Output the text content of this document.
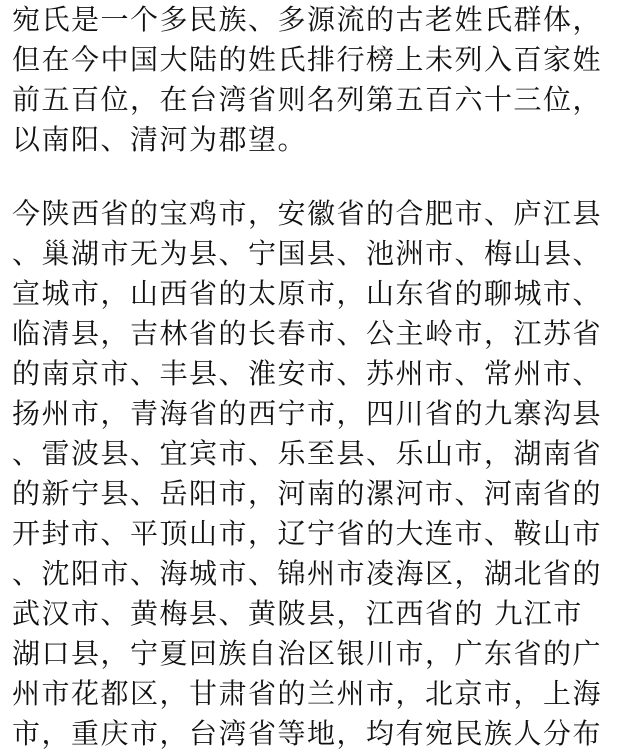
宛氏是一个多民族、多源流的古老姓氏群体，
但在今中国大陆的姓氏排行榜上未列入百家姓
前五百位，在台湾省则名列第五百六十三位，
以南阳、清河为郡望。
今陕西省的宝鸡市，安徽省的合肥市、庐江县
、巢湖市无为县、宁国县、池洲市、梅山县、
宣城市，山西省的太原市，山东省的聊城市、
临清县，吉林省的长春市、公主岭市，江苏省
的南京市、丰县、淮安市、苏州市、常州市、
扬州市，青海省的西宁市，四川省的九寨沟县
、雷波县、宜宾市、乐至县、乐山市，湖南省
的新宁县、岳阳市，河南的漯河市、河南省的
开封市、平顶山市，辽宁省的大连市、鞍山市
、沈阳市、海城市、锦州市凌海区，湖北省的
武汉市、黄梅县、黄陂县，江西省的 九江市
湖口县，宁夏回族自治区银川市，广东省的广
州市花都区，甘肃省的兰州市，北京市，上海
市，重庆市，台湾省等地，均有宛民族人分布
